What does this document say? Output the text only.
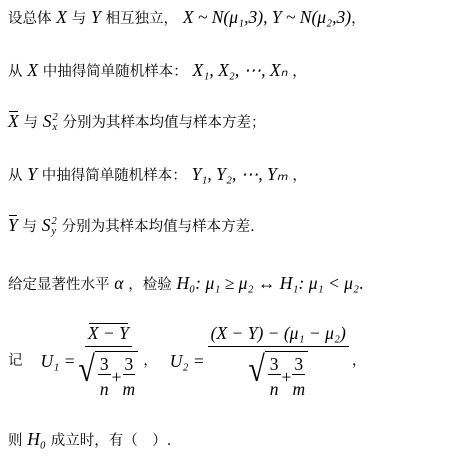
设总体 X 与 Y 相互独立， X ~ N(μ₁,3), Y ~ N(μ₂,3)，
从 X 中抽得简单随机样本： X₁, X₂, ⋯, Xₙ ，
X 与 S 2
x 分别为其样本均值与样本方差；
从 Y 中抽得简单随机样本： Y₁, Y₂, ⋯, Yₘ ，
Y 与 S 2
y 分别为其样本均值与样本方差.
给定显著性水平 α ，检验 H₀: μ₁ ≥ μ₂ ↔ H₁: μ₁ < μ₂.
记 $U_1 = \frac{X - Y}{√ \frac{3}{n} + \frac{3}{m}}$ ， $U_2 = \frac{\text{(X − Y) − (μ₁ − μ₂)}}{√ \frac{3}{n} + \frac{3}{m}}$ ，
则 H₀ 成立时，有（　）.
